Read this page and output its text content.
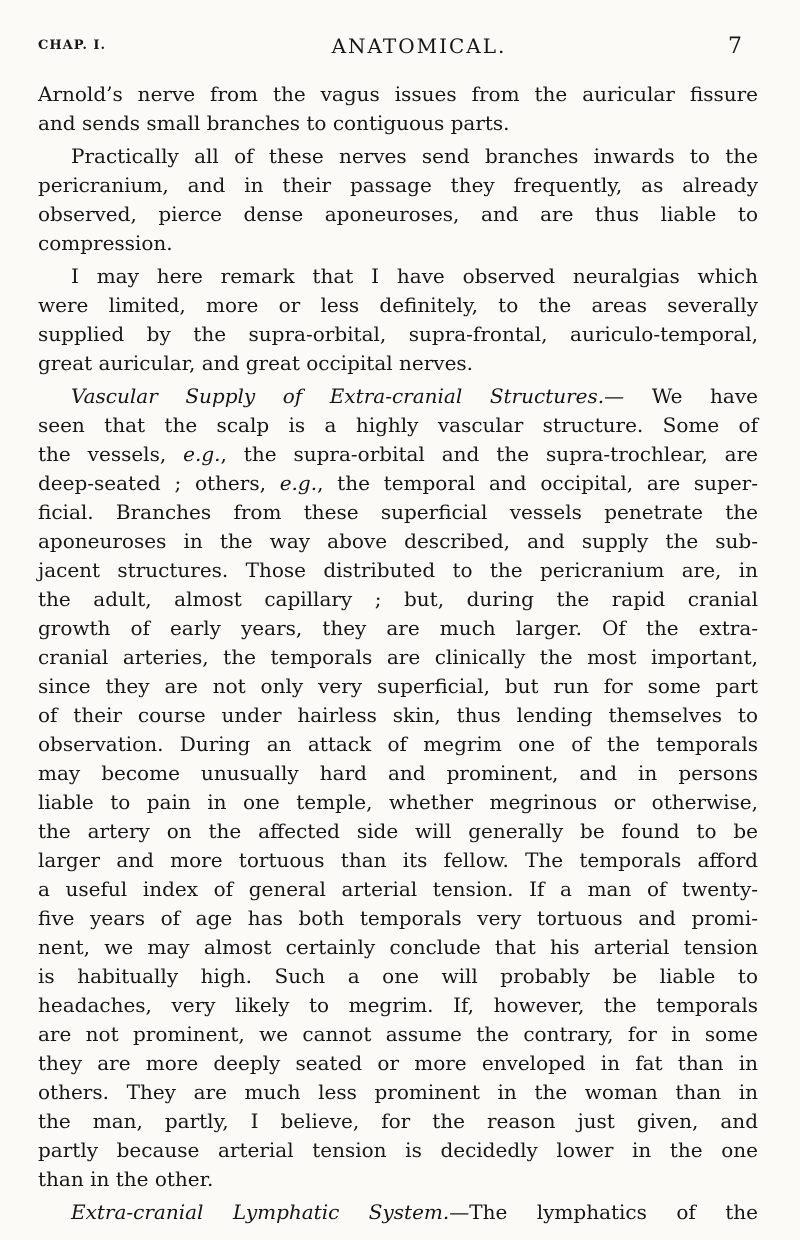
CHAP. I.	ANATOMICAL.	7
Arnold’s nerve from the vagus issues from the auricular fissure
and sends small branches to contiguous parts.
Practically all of these nerves send branches inwards to the
pericranium, and in their passage they frequently, as already
observed, pierce dense aponeuroses, and are thus liable to
compression.
I may here remark that I have observed neuralgias which
were limited, more or less definitely, to the areas severally
supplied by the supra-orbital, supra-frontal, auriculo-temporal,
great auricular, and great occipital nerves.
Vascular Supply of Extra-cranial Structures.— We have
seen that the scalp is a highly vascular structure. Some of
the vessels, e.g., the supra-orbital and the supra-trochlear, are
deep-seated ; others, e.g., the temporal and occipital, are super-
ficial. Branches from these superficial vessels penetrate the
aponeuroses in the way above described, and supply the sub-
jacent structures. Those distributed to the pericranium are, in
the adult, almost capillary ; but, during the rapid cranial
growth of early years, they are much larger. Of the extra-
cranial arteries, the temporals are clinically the most important,
since they are not only very superficial, but run for some part
of their course under hairless skin, thus lending themselves to
observation. During an attack of megrim one of the temporals
may become unusually hard and prominent, and in persons
liable to pain in one temple, whether megrinous or otherwise,
the artery on the affected side will generally be found to be
larger and more tortuous than its fellow. The temporals afford
a useful index of general arterial tension. If a man of twenty-
five years of age has both temporals very tortuous and promi-
nent, we may almost certainly conclude that his arterial tension
is habitually high. Such a one will probably be liable to
headaches, very likely to megrim. If, however, the temporals
are not prominent, we cannot assume the contrary, for in some
they are more deeply seated or more enveloped in fat than in
others. They are much less prominent in the woman than in
the man, partly, I believe, for the reason just given, and
partly because arterial tension is decidedly lower in the one
than in the other.
Extra-cranial Lymphatic System.—The lymphatics of the
